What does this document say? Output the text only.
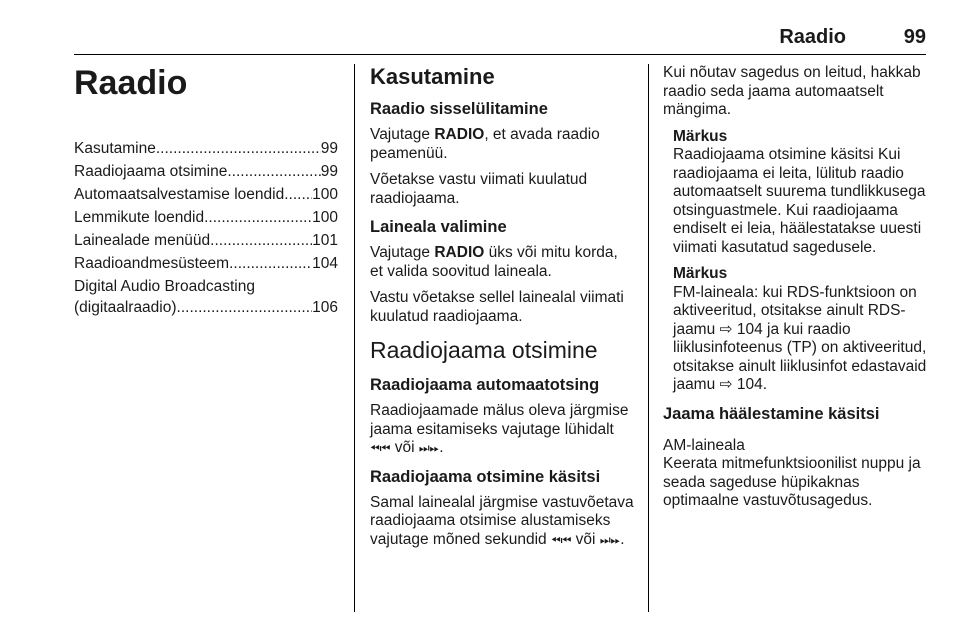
Raadio	99
Raadio
Kasutamine .....	99
Raadiojaama otsimine .....	99
Automaatsalvestamise loendid ..... 100
Lemmikute loendid .....	100
Lainealade menüüd .....	101
Raadioandmesüsteem .....	104
Digital Audio Broadcasting
(digitaalraadio) .....	106
Kasutamine
Raadio sisselülitamine

Vajutage RADIO, et avada raadio peamenüü.

Võetakse vastu viimati kuulatud raadiojaama.

Laineala valimine

Vajutage RADIO üks või mitu korda, et valida soovitud laineala.

Vastu võetakse sellel lainealal viimati kuulatud raadiojaama.

Raadiojaama otsimine
Raadiojaama automaatotsing

Raadiojaamade mälus oleva järgmise jaama esitamiseks vajutage lühidalt ⏪︎⏮︎ või ⏭︎⏩︎.

Raadiojaama otsimine käsitsi

Samal lainealal järgmise vastuvõetava raadiojaama otsimise alustamiseks vajutage mõned sekundid ⏪︎⏮︎ või ⏭︎⏩︎.

Kui nõutav sagedus on leitud, hakkab raadio seda jaama automaatselt mängima.

Märkus
Raadiojaama otsimine käsitsi Kui raadiojaama ei leita, lülitub raadio automaatselt suurema tundlikkusega otsinguastmele. Kui raadiojaama endiselt ei leia, häälestatakse uuesti viimati kasutatud sagedusele.
Märkus
FM-laineala: kui RDS-funktsioon on aktiveeritud, otsitakse ainult RDS-jaamu ⇨ 104 ja kui raadio liiklusinfoteenus (TP) on aktiveeritud, otsitakse ainult liiklusinfot edastavaid jaamu ⇨ 104.
Jaama häälestamine käsitsi
AM-laineala

Keerata mitmefunktsioonilist nuppu ja seada sageduse hüpikaknas optimaalne vastuvõtusagedus.
